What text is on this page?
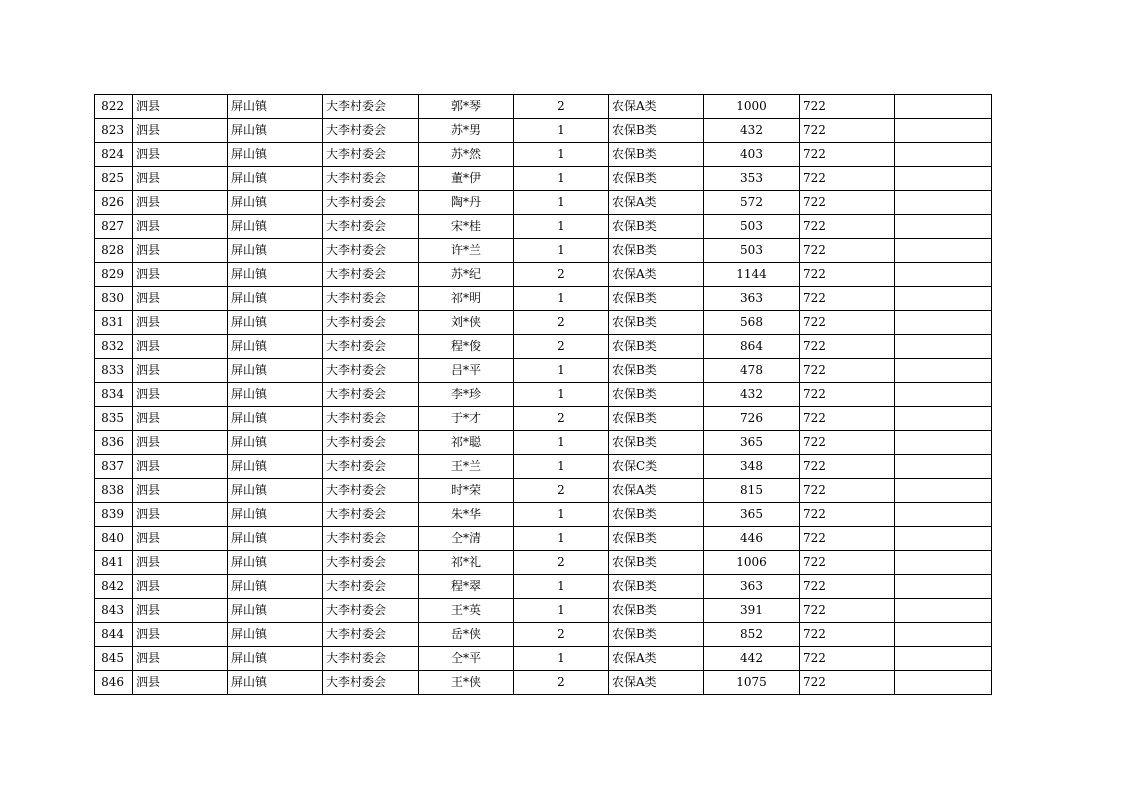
822	泗县	屏山镇	大李村委会	郭*琴	2	农保A类	1000	722	
823	泗县	屏山镇	大李村委会	苏*男	1	农保B类	432	722	
824	泗县	屏山镇	大李村委会	苏*然	1	农保B类	403	722	
825	泗县	屏山镇	大李村委会	董*伊	1	农保B类	353	722	
826	泗县	屏山镇	大李村委会	陶*丹	1	农保A类	572	722	
827	泗县	屏山镇	大李村委会	宋*桂	1	农保B类	503	722	
828	泗县	屏山镇	大李村委会	许*兰	1	农保B类	503	722	
829	泗县	屏山镇	大李村委会	苏*纪	2	农保A类	1144	722	
830	泗县	屏山镇	大李村委会	祁*明	1	农保B类	363	722	
831	泗县	屏山镇	大李村委会	刘*侠	2	农保B类	568	722	
832	泗县	屏山镇	大李村委会	程*俊	2	农保B类	864	722	
833	泗县	屏山镇	大李村委会	吕*平	1	农保B类	478	722	
834	泗县	屏山镇	大李村委会	李*珍	1	农保B类	432	722	
835	泗县	屏山镇	大李村委会	于*才	2	农保B类	726	722	
836	泗县	屏山镇	大李村委会	祁*聪	1	农保B类	365	722	
837	泗县	屏山镇	大李村委会	王*兰	1	农保C类	348	722	
838	泗县	屏山镇	大李村委会	时*荣	2	农保A类	815	722	
839	泗县	屏山镇	大李村委会	朱*华	1	农保B类	365	722	
840	泗县	屏山镇	大李村委会	仝*清	1	农保B类	446	722	
841	泗县	屏山镇	大李村委会	祁*礼	2	农保B类	1006	722	
842	泗县	屏山镇	大李村委会	程*翠	1	农保B类	363	722	
843	泗县	屏山镇	大李村委会	王*英	1	农保B类	391	722	
844	泗县	屏山镇	大李村委会	岳*侠	2	农保B类	852	722	
845	泗县	屏山镇	大李村委会	仝*平	1	农保A类	442	722	
846	泗县	屏山镇	大李村委会	王*侠	2	农保A类	1075	722	
